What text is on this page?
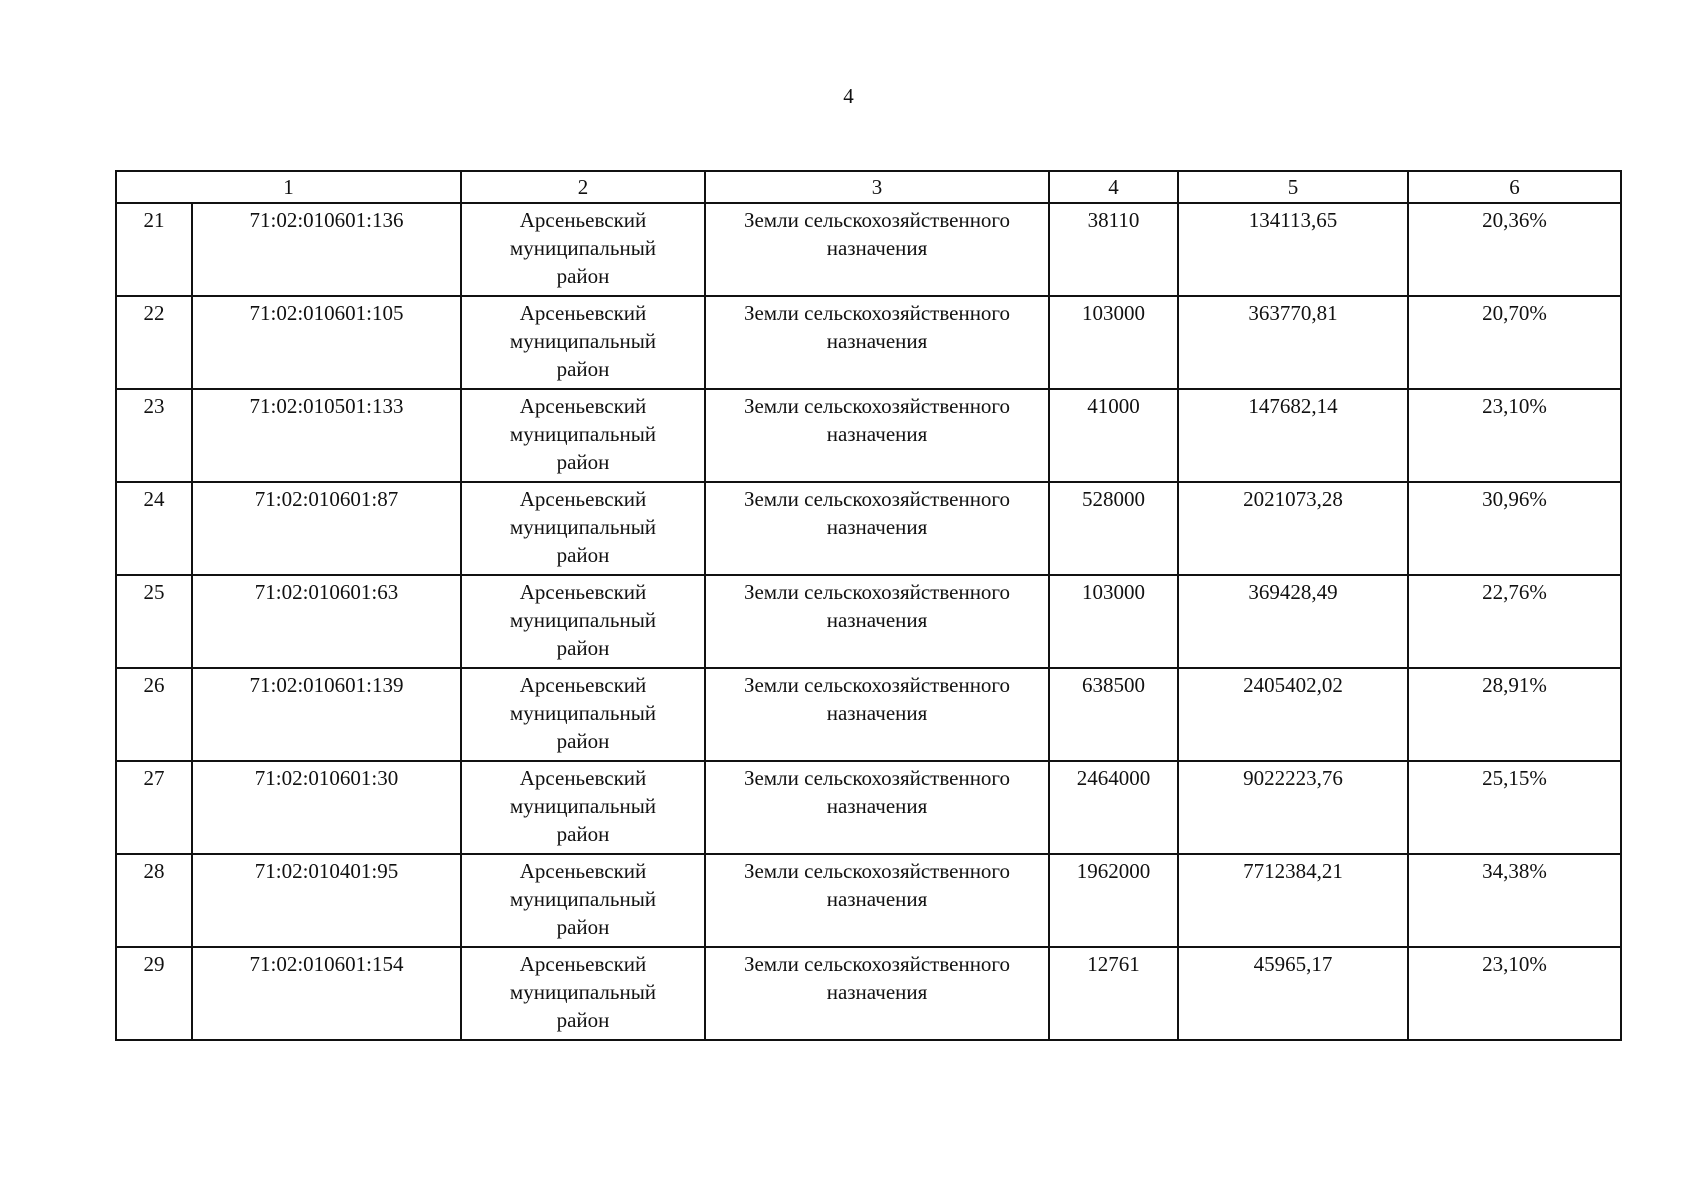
4
1		2	3	4	5	6
21	71:02:010601:136	Арсеньевский
муниципальный
район	Земли сельскохозяйственного
назначения	38110	134113,65	20,36%
22	71:02:010601:105	Арсеньевский
муниципальный
район	Земли сельскохозяйственного
назначения	103000	363770,81	20,70%
23	71:02:010501:133	Арсеньевский
муниципальный
район	Земли сельскохозяйственного
назначения	41000	147682,14	23,10%
24	71:02:010601:87	Арсеньевский
муниципальный
район	Земли сельскохозяйственного
назначения	528000	2021073,28	30,96%
25	71:02:010601:63	Арсеньевский
муниципальный
район	Земли сельскохозяйственного
назначения	103000	369428,49	22,76%
26	71:02:010601:139	Арсеньевский
муниципальный
район	Земли сельскохозяйственного
назначения	638500	2405402,02	28,91%
27	71:02:010601:30	Арсеньевский
муниципальный
район	Земли сельскохозяйственного
назначения	2464000	9022223,76	25,15%
28	71:02:010401:95	Арсеньевский
муниципальный
район	Земли сельскохозяйственного
назначения	1962000	7712384,21	34,38%
29	71:02:010601:154	Арсеньевский
муниципальный
район	Земли сельскохозяйственного
назначения	12761	45965,17	23,10%
